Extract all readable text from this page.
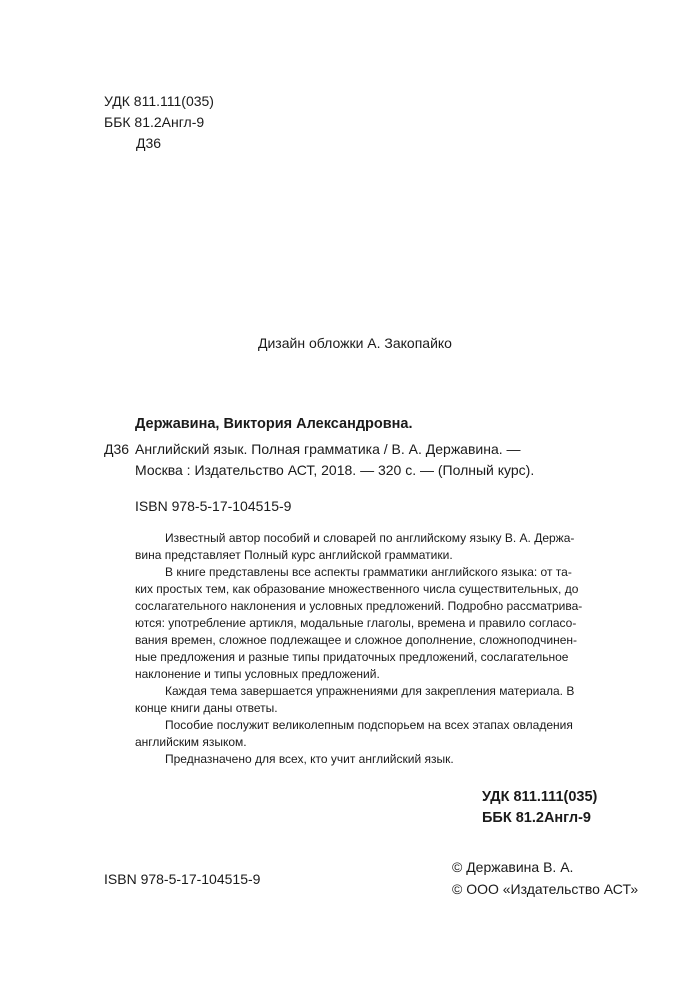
УДК 811.111(035)
ББК 81.2Англ-9
Д36
Дизайн обложки А. Закопайко
Державина, Виктория Александровна.
Д36 Английский язык. Полная грамматика / В. А. Державина. —
Москва : Издательство АСТ, 2018. — 320 с. — (Полный курс).
ISBN 978-5-17-104515-9
Известный автор пособий и словарей по английскому языку В. А. Держа-
вина представляет Полный курс английской грамматики.
В книге представлены все аспекты грамматики английского языка: от та-
ких простых тем, как образование множественного числа существительных, до
сослагательного наклонения и условных предложений. Подробно рассматрива-
ются: употребление артикля, модальные глаголы, времена и правило согласо-
вания времен, сложное подлежащее и сложное дополнение, сложноподчинен-
ные предложения и разные типы придаточных предложений, сослагательное
наклонение и типы условных предложений.
Каждая тема завершается упражнениями для закрепления материала. В
конце книги даны ответы.
Пособие послужит великолепным подспорьем на всех этапах овладения
английским языком.
Предназначено для всех, кто учит английский язык.
УДК 811.111(035)
ББК 81.2Англ-9
ISBN 978-5-17-104515-9
© Державина В. А.
© ООО «Издательство АСТ»
